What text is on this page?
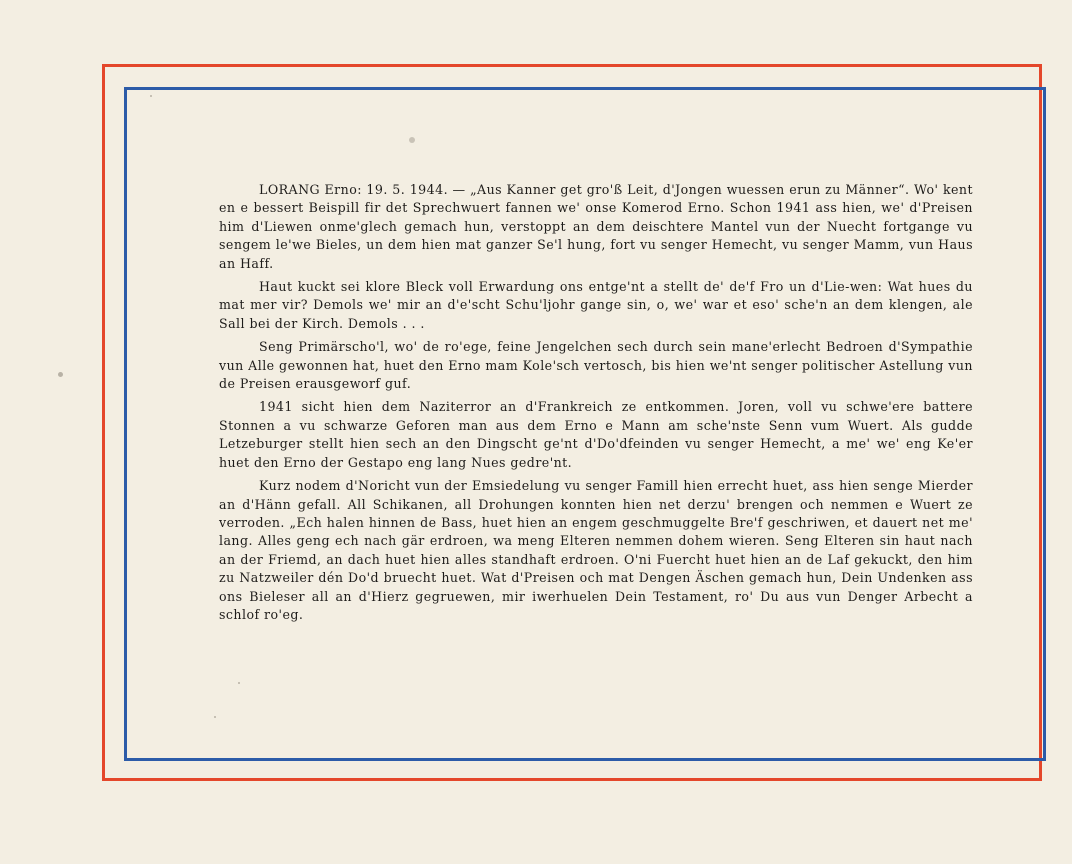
LORANG Erno: 19. 5. 1944. — „Aus Kanner get gro'ß Leit, d'Jongen wuessen erun zu Männer“. Wo' kent en e bessert Beispill fir det Sprechwuert fannen we' onse Komerod Erno. Schon 1941 ass hien, we' d'Preisen him d'Liewen onme'glech gemach hun, verstoppt an dem deischtere Mantel vun der Nuecht fortgange vu sengem le'we Bieles, un dem hien mat ganzer Se'l hung, fort vu senger Hemecht, vu senger Mamm, vun Haus an Haff.

Haut kuckt sei klore Bleck voll Erwardung ons entge'nt a stellt de' de'f Fro un d'Lie-wen: Wat hues du mat mer vir? Demols we' mir an d'e'scht Schu'ljohr gange sin, o, we' war et eso' sche'n an dem klengen, ale Sall bei der Kirch. Demols . . .

Seng Primärscho'l, wo' de ro'ege, feine Jengelchen sech durch sein mane'erlecht Bedroen d'Sympathie vun Alle gewonnen hat, huet den Erno mam Kole'sch vertosch, bis hien we'nt senger politischer Astellung vun de Preisen erausgeworf guf.

1941 sicht hien dem Naziterror an d'Frankreich ze entkommen. Joren, voll vu schwe'ere battere Stonnen a vu schwarze Geforen man aus dem Erno e Mann am sche'nste Senn vum Wuert. Als gudde Letzeburger stellt hien sech an den Dingscht ge'nt d'Do'dfeinden vu senger Hemecht, a me' we' eng Ke'er huet den Erno der Gestapo eng lang Nues gedre'nt.

Kurz nodem d'Noricht vun der Emsiedelung vu senger Famill hien errecht huet, ass hien senge Mierder an d'Hänn gefall. All Schikanen, all Drohungen konnten hien net derzu' brengen och nemmen e Wuert ze verroden. „Ech halen hinnen de Bass, huet hien an engem geschmuggelte Bre'f geschriwen, et dauert net me' lang. Alles geng ech nach gär erdroen, wa meng Elteren nemmen dohem wieren. Seng Elteren sin haut nach an der Friemd, an dach huet hien alles standhaft erdroen. O'ni Fuercht huet hien an de Laf gekuckt, den him zu Natzweiler dén Do'd bruecht huet. Wat d'Preisen och mat Dengen Äschen gemach hun, Dein Undenken ass ons Bieleser all an d'Hierz gegruewen, mir iwerhuelen Dein Testament, ro' Du aus vun Denger Arbecht a schlof ro'eg.
